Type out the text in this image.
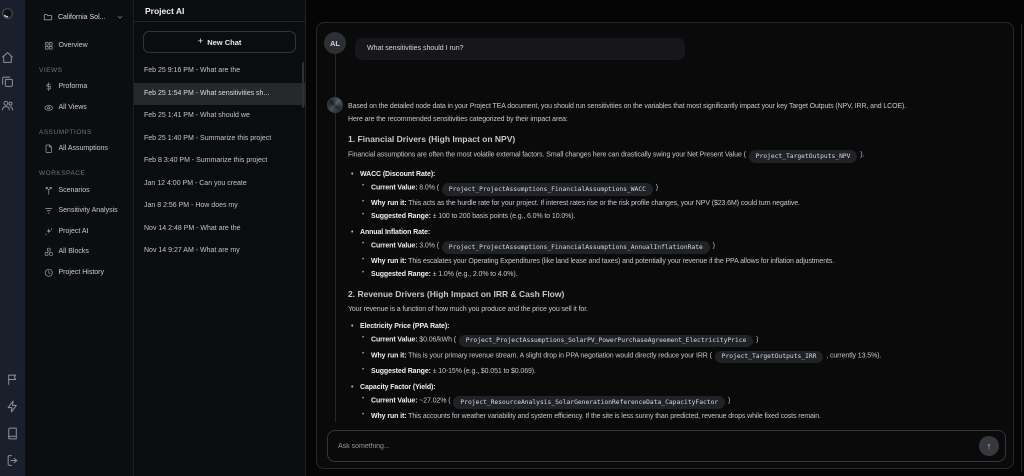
California Sol...
Overview
VIEWS
Proforma
All Views
ASSUMPTIONS
All Assumptions
WORKSPACE
Scenarios
Sensitivity Analysis
Project AI
All Blocks
Project History
Project AI
+ New Chat
Feb 25 9:16 PM - What are the
Feb 25 1:54 PM - What sensitivities sh...
Feb 25 1:41 PM - What should we
Feb 25 1:40 PM - Summarize this project
Feb 8 3:40 PM - Summarize this project
Jan 12 4:00 PM - Can you create
Jan 8 2:56 PM - How does my
Nov 14 2:48 PM - What are the
Nov 14 9:27 AM - What are my
AL
What sensitivities should I run?
Based on the detailed node data in your Project TEA document, you should run sensitivities on the variables that most significantly impact your key Target Outputs (NPV, IRR, and LCOE).
Here are the recommended sensitivities categorized by their impact area:
1. Financial Drivers (High Impact on NPV)
Financial assumptions are often the most volatile external factors. Small changes here can drastically swing your Net Present Value ( Project_TargetOutputs_NPV ).
• WACC (Discount Rate):
• Current Value: 8.0% ( Project_ProjectAssumptions_FinancialAssumptions_WACC )
• Why run it: This acts as the hurdle rate for your project. If interest rates rise or the risk profile changes, your NPV ($23.6M) could turn negative.
• Suggested Range: ± 100 to 200 basis points (e.g., 6.0% to 10.0%).
• Annual Inflation Rate:
• Current Value: 3.0% ( Project_ProjectAssumptions_FinancialAssumptions_AnnualInflationRate )
• Why run it: This escalates your Operating Expenditures (like land lease and taxes) and potentially your revenue if the PPA allows for inflation adjustments.
• Suggested Range: ± 1.0% (e.g., 2.0% to 4.0%).
2. Revenue Drivers (High Impact on IRR & Cash Flow)
Your revenue is a function of how much you produce and the price you sell it for.
• Electricity Price (PPA Rate):
• Current Value: $0.06/kWh ( Project_ProjectAssumptions_SolarPV_PowerPurchaseAgreement_ElectricityPrice )
• Why run it: This is your primary revenue stream. A slight drop in PPA negotiation would directly reduce your IRR ( Project_TargetOutputs_IRR , currently 13.5%).
• Suggested Range: ± 10-15% (e.g., $0.051 to $0.069).
• Capacity Factor (Yield):
• Current Value: ~27.02% ( Project_ResourceAnalysis_SolarGenerationReferenceData_CapacityFactor )
• Why run it: This accounts for weather variability and system efficiency. If the site is less sunny than predicted, revenue drops while fixed costs remain.
Ask something...
↑
